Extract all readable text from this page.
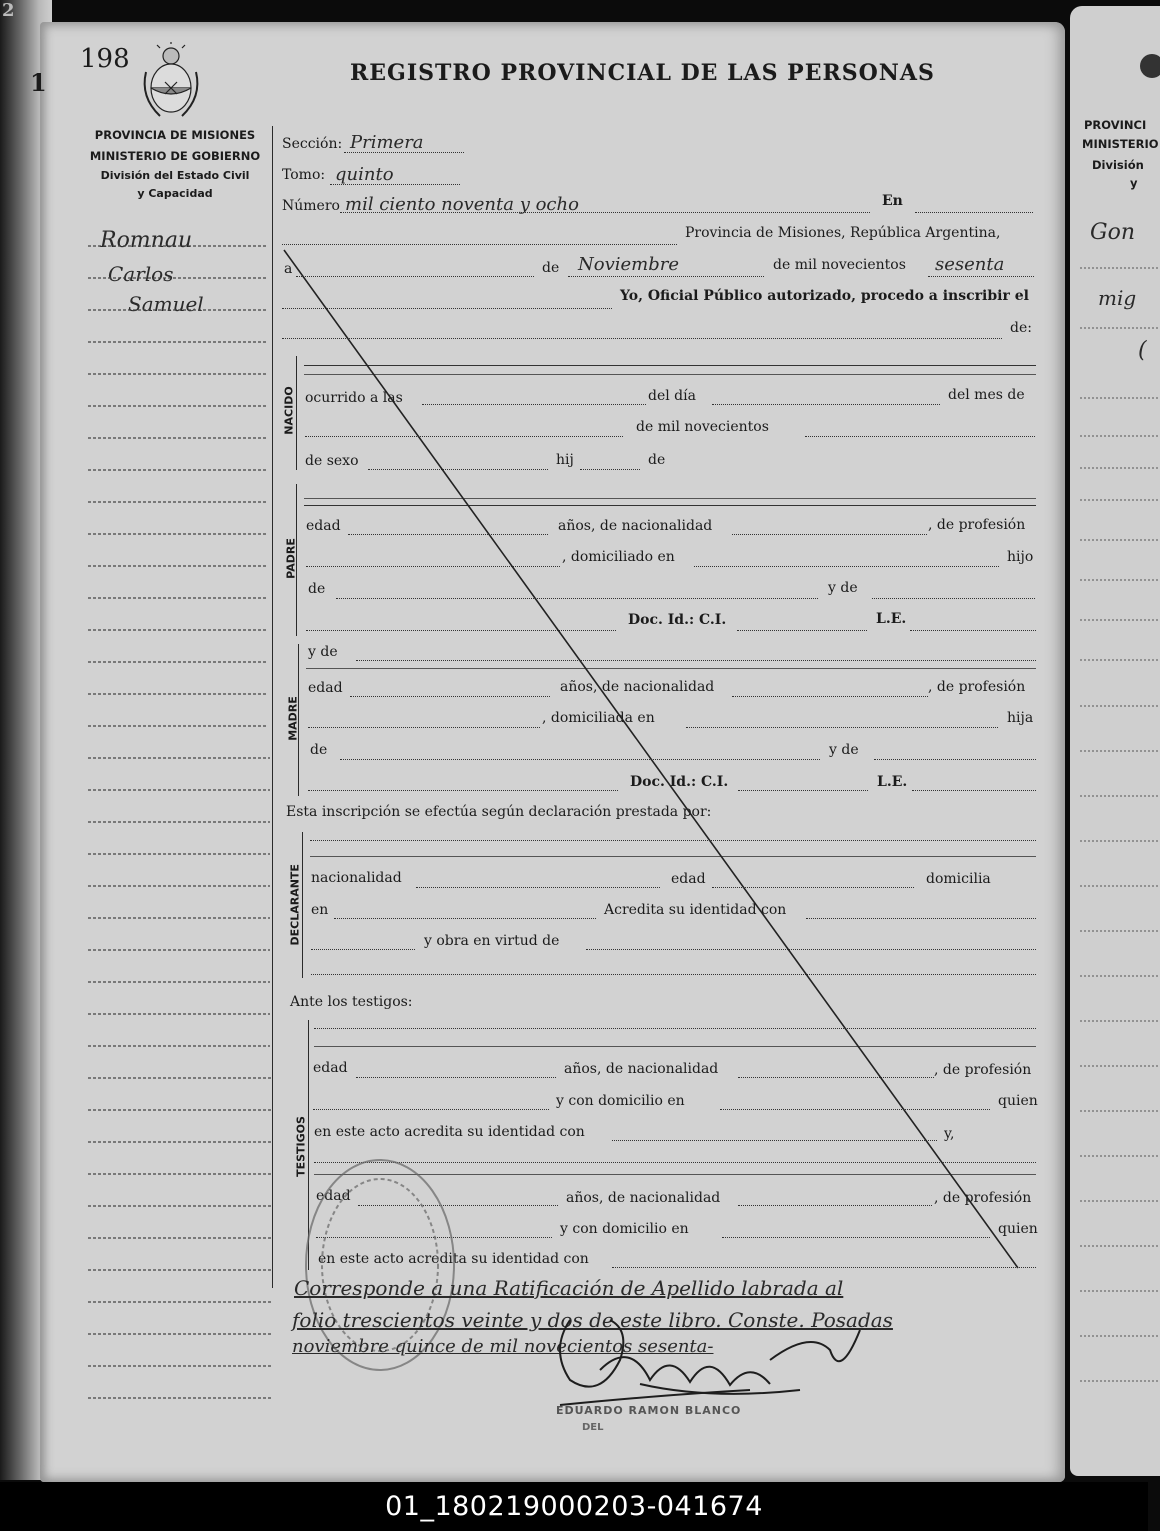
2
PROVINCI
MINISTERIO
División
y
Gon
mig
(
1
198	REGISTRO PROVINCIAL DE LAS PERSONAS
PROVINCIA DE MISIONES
MINISTERIO DE GOBIERNO
División del Estado Civil
y Capacidad
Romnau
Carlos
Samuel
Sección: Primera
Tomo: quinto
Número mil ciento noventa y ocho	En
Provincia de Misiones, República Argentina,
a	de Noviembre	de mil novecientos sesenta
Yo, Oficial Público autorizado, procedo a inscribir el
de:
NACIDO ocurrido a las	del día	del mes de
de mil novecientos
de sexo	hij	de
PADRE
edad	años, de nacionalidad	, de profesión
, domiciliado en	hijo
de	y de
Doc. Id.: C.I.	L.E.
y de
MADRE
edad	años, de nacionalidad	, de profesión
, domiciliada en	hija
de	y de
Doc. Id.: C.I.	L.E.
Esta inscripción se efectúa según declaración prestada por:
DECLARANTE nacionalidad	edad	domicilia
en	Acredita su identidad con
y obra en virtud de
Ante los testigos:
TESTIGOS
edad	años, de nacionalidad	, de profesión
y con domicilio en	quien
en este acto acredita su identidad con	y,
edad	años, de nacionalidad	, de profesión
y con domicilio en	quien
en este acto acredita su identidad con
Corresponde a una Ratificación de Apellido labrada al
folio trescientos veinte y dos de este libro. Conste. Posadas
noviembre quince de mil novecientos sesenta-
EDUARDO RAMON BLANCO
DEL
01_180219000203-041674
